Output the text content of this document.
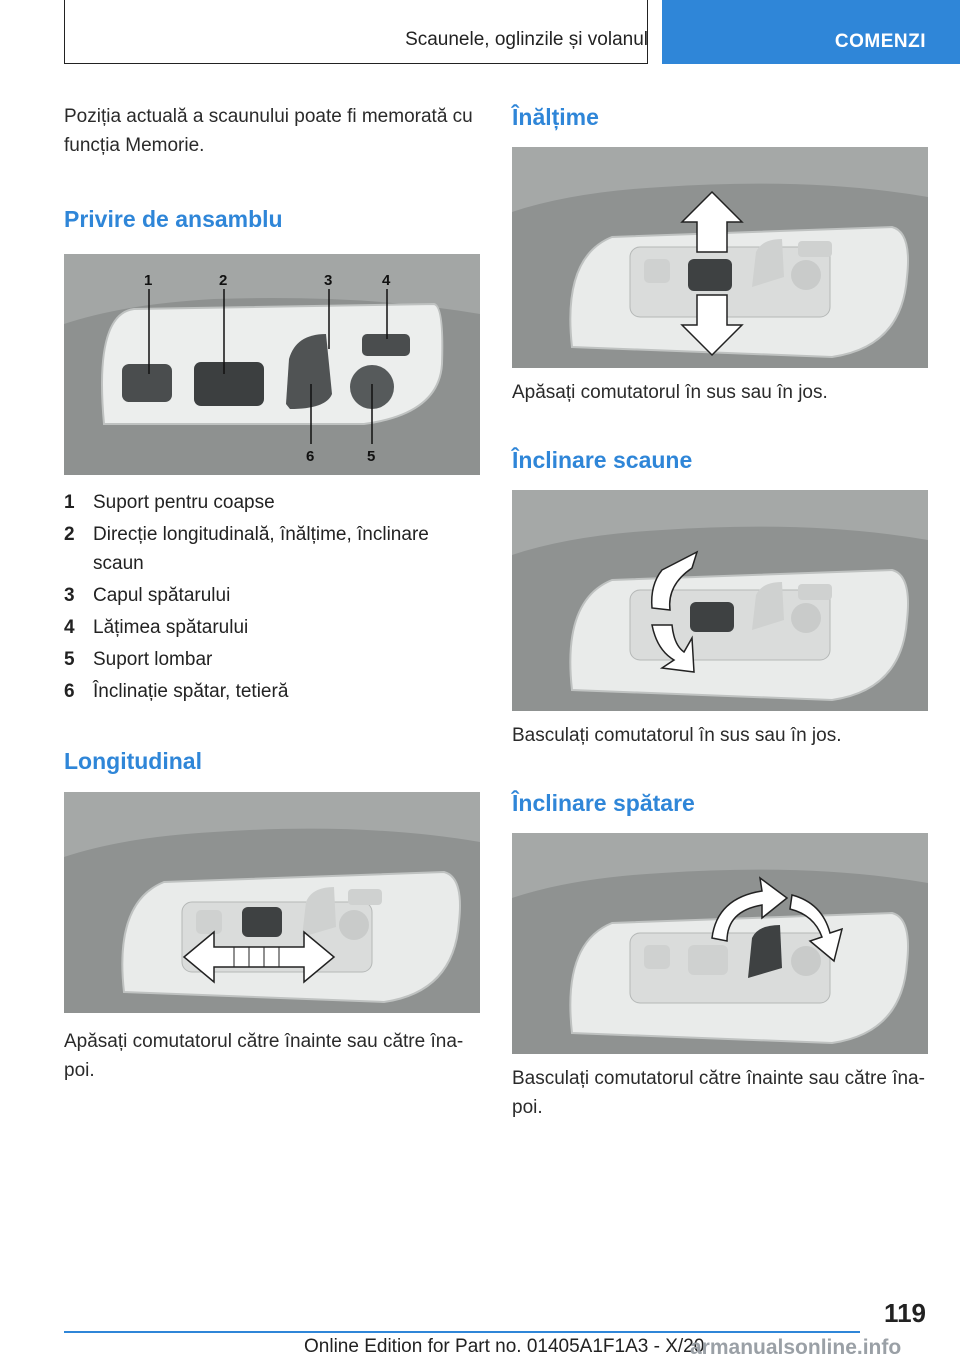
Scaunele, oglinzile și volanul	COMENZI

Poziția actuală a scaunului poate fi memorată cu funcția Memorie.

Privire de ansamblu
1	2	3	4
5
6
1 Suport pentru coapse
2 Direcție longitudinală, înălțime, înclinare scaun
3 Capul spătarului
4 Lățimea spătarului
5 Suport lombar
6 Înclinație spătar, tetieră
Longitudinal

Apăsați comutatorul către înainte sau către înapoi.

Înălțime

Apăsați comutatorul în sus sau în jos.

Înclinare scaune

Basculați comutatorul în sus sau în jos.

Înclinare spătare

Basculați comutatorul către înainte sau către înapoi.

119
Online Edition for Part no. 01405A1F1A3 - X/20
armanualsonline.info
